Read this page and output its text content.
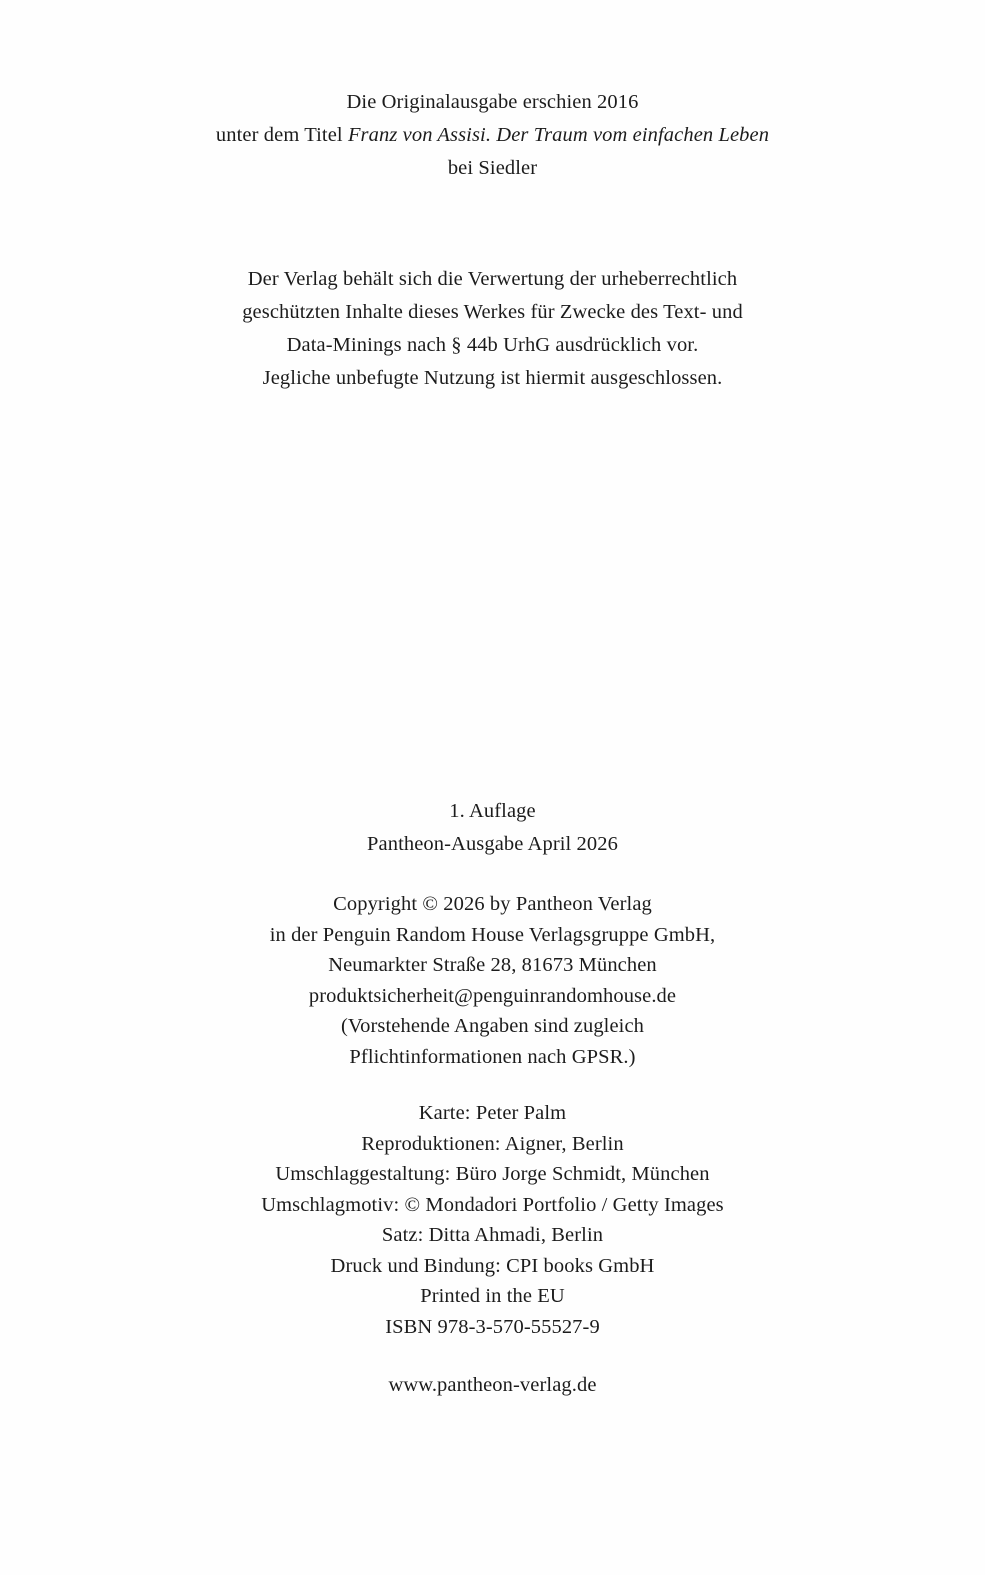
Die Originalausgabe erschien 2016
unter dem Titel Franz von Assisi. Der Traum vom einfachen Leben
bei Siedler
Der Verlag behält sich die Verwertung der urheberrechtlich
geschützten Inhalte dieses Werkes für Zwecke des Text- und
Data-Minings nach § 44b UrhG ausdrücklich vor.
Jegliche unbefugte Nutzung ist hiermit ausgeschlossen.
1. Auflage
Pantheon-Ausgabe April 2026
Copyright © 2026 by Pantheon Verlag
in der Penguin Random House Verlagsgruppe GmbH,
Neumarkter Straße 28, 81673 München
produktsicherheit@penguinrandomhouse.de
(Vorstehende Angaben sind zugleich
Pflichtinformationen nach GPSR.)
Karte: Peter Palm
Reproduktionen: Aigner, Berlin
Umschlaggestaltung: Büro Jorge Schmidt, München
Umschlagmotiv: © Mondadori Portfolio / Getty Images
Satz: Ditta Ahmadi, Berlin
Druck und Bindung: CPI books GmbH
Printed in the EU
ISBN 978-3-570-55527-9
www.pantheon-verlag.de
